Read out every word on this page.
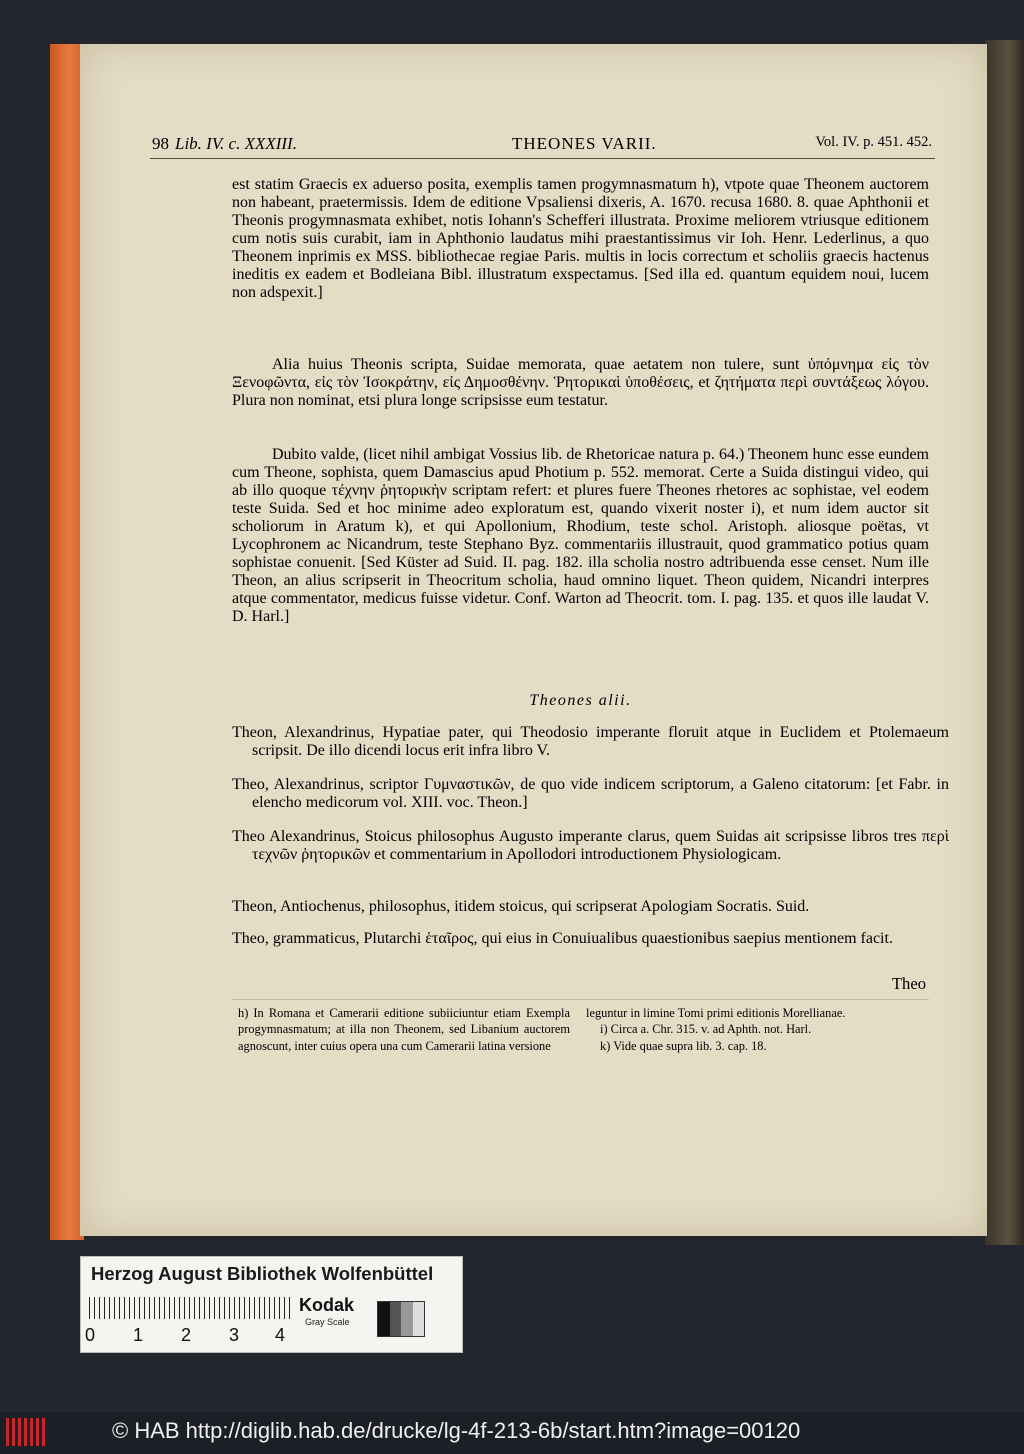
98 Lib. IV. c. XXXIII.	THEONES VARII.	Vol. IV. p. 451. 452.

est statim Graecis ex aduerso posita, exemplis tamen progymnasmatum h), vtpote quae Theonem auctorem non habeant, praetermissis. Idem de editione Vpsaliensi dixeris, A. 1670. recusa 1680. 8. quae Aphthonii et Theonis progymnasmata exhibet, notis Iohann's Schefferi illustrata. Proxime meliorem vtriusque editionem cum notis suis curabit, iam in Aphthonio laudatus mihi praestantissimus vir Ioh. Henr. Lederlinus, a quo Theonem inprimis ex MSS. bibliothecae regiae Paris. multis in locis correctum et scholiis graecis hactenus ineditis ex eadem et Bodleiana Bibl. illustratum exspectamus. [Sed illa ed. quantum equidem noui, lucem non adspexit.]

Alia huius Theonis scripta, Suidae memorata, quae aetatem non tulere, sunt ὑπόμνημα εἰς τὸν Ξενοφῶντα, εἰς τὸν Ἰσοκράτην, εἰς Δημοσθένην. Ῥητορικαὶ ὑποθέσεις, et ζητήματα περὶ συντάξεως λόγου. Plura non nominat, etsi plura longe scripsisse eum testatur.

Dubito valde, (licet nihil ambigat Vossius lib. de Rhetoricae natura p. 64.) Theonem hunc esse eundem cum Theone, sophista, quem Damascius apud Photium p. 552. memorat. Certe a Suida distingui video, qui ab illo quoque τέχνην ῥητορικὴν scriptam refert: et plures fuere Theones rhetores ac sophistae, vel eodem teste Suida. Sed et hoc minime adeo exploratum est, quando vixerit noster i), et num idem auctor sit scholiorum in Aratum k), et qui Apollonium, Rhodium, teste schol. Aristoph. aliosque poëtas, vt Lycophronem ac Nicandrum, teste Stephano Byz. commentariis illustrauit, quod grammatico potius quam sophistae conuenit. [Sed Küster ad Suid. II. pag. 182. illa scholia nostro adtribuenda esse censet. Num ille Theon, an alius scripserit in Theocritum scholia, haud omnino liquet. Theon quidem, Nicandri interpres atque commentator, medicus fuisse videtur. Conf. Warton ad Theocrit. tom. I. pag. 135. et quos ille laudat V. D. Harl.]

Theones alii.

Theon, Alexandrinus, Hypatiae pater, qui Theodosio imperante floruit atque in Euclidem et Ptolemaeum scripsit. De illo dicendi locus erit infra libro V.

Theo, Alexandrinus, scriptor Γυμναστικῶν, de quo vide indicem scriptorum, a Galeno citatorum: [et Fabr. in elencho medicorum vol. XIII. voc. Theon.]

Theo Alexandrinus, Stoicus philosophus Augusto imperante clarus, quem Suidas ait scripsisse libros tres περὶ τεχνῶν ῥητορικῶν et commentarium in Apollodori introductionem Physiologicam.

Theon, Antiochenus, philosophus, itidem stoicus, qui scripserat Apologiam Socratis. Suid.

Theo, grammaticus, Plutarchi ἑταῖρος, qui eius in Conuiualibus quaestionibus saepius mentionem facit.

Theo

h) In Romana et Camerarii editione subiiciuntur etiam Exempla progymnasmatum; at illa non Theonem, sed Libanium auctorem agnoscunt, inter cuius opera una cum Camerarii latina versione

leguntur in limine Tomi primi editionis Morellianae.

i) Circa a. Chr. 315. v. ad Aphth. not. Harl.

k) Vide quae supra lib. 3. cap. 18.

Herzog August Bibliothek Wolfenbüttel
0 1 2 3 4
Kodak
Gray Scale
© HAB http://diglib.hab.de/drucke/lg-4f-213-6b/start.htm?image=00120
